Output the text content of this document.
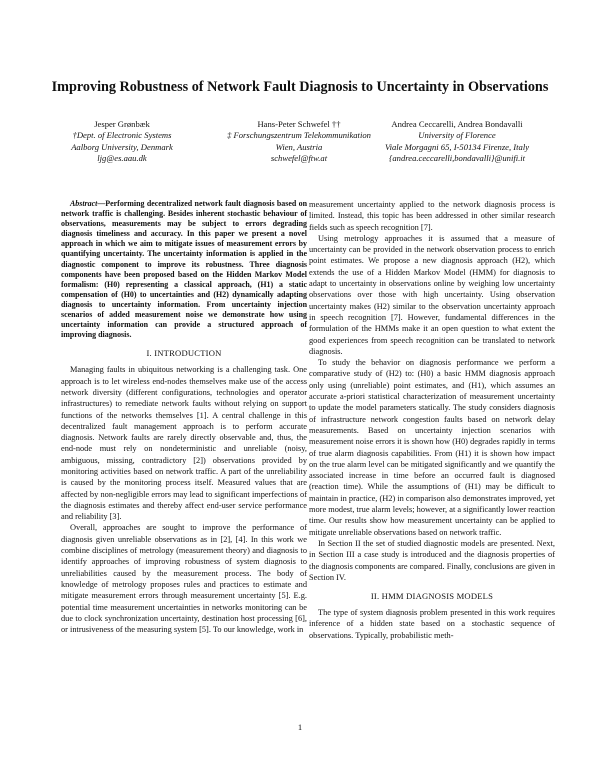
Improving Robustness of Network Fault Diagnosis to Uncertainty in Observations
Jesper Grønbæk
†Dept. of Electronic Systems
Aalborg University, Denmark
ljg@es.aau.dk
Hans-Peter Schwefel ††
‡ Forschungszentrum Telekommunikation
Wien, Austria
schwefel@ftw.at
Andrea Ceccarelli, Andrea Bondavalli
University of Florence
Viale Morgagni 65, I-50134 Firenze, Italy
{andrea.ceccarelli,bondavalli}@unifi.it

Abstract—Performing decentralized network fault diagnosis based on network traffic is challenging. Besides inherent stochastic behaviour of observations, measurements may be subject to errors degrading diagnosis timeliness and accuracy. In this paper we present a novel approach in which we aim to mitigate issues of measurement errors by quantifying uncertainty. The uncertainty information is applied in the diagnostic component to improve its robustness. Three diagnosis components have been proposed based on the Hidden Markov Model formalism: (H0) representing a classical approach, (H1) a static compensation of (H0) to uncertainties and (H2) dynamically adapting diagnosis to uncertainty information. From uncertainty injection scenarios of added measurement noise we demonstrate how using uncertainty information can provide a structured approach of improving diagnosis.

I. INTRODUCTION

Managing faults in ubiquitous networking is a challenging task. One approach is to let wireless end-nodes themselves make use of the access network diversity (different configurations, technologies and operator infrastructures) to remediate network faults without relying on support functions of the networks themselves [1]. A central challenge in this decentralized fault management approach is to perform accurate diagnosis. Network faults are rarely directly observable and, thus, the end-node must rely on nondeterministic and unreliable (noisy, ambiguous, missing, contradictory [2]) observations provided by monitoring activities based on network traffic. A part of the unreliability is caused by the monitoring process itself. Measured values that are affected by non-negligible errors may lead to significant imperfections of the diagnosis estimates and thereby affect end-user service performance and reliability [3].

Overall, approaches are sought to improve the performance of diagnosis given unreliable observations as in [2], [4]. In this work we combine disciplines of metrology (measurement theory) and diagnosis to identify approaches of improving robustness of system diagnosis to unreliabilities caused by the measurement process. The body of knowledge of metrology proposes rules and practices to estimate and mitigate measurement errors through measurement uncertainty [5]. E.g. potential time measurement uncertainties in networks monitoring can be due to clock synchronization uncertainty, destination host processing [6], or intrusiveness of the measuring system [5]. To our knowledge, work in

measurement uncertainty applied to the network diagnosis process is limited. Instead, this topic has been addressed in other similar research fields such as speech recognition [7].

Using metrology approaches it is assumed that a measure of uncertainty can be provided in the network observation process to enrich point estimates. We propose a new diagnosis approach (H2), which extends the use of a Hidden Markov Model (HMM) for diagnosis to adapt to uncertainty in observations online by weighing low uncertainty observations over those with high uncertainty. Using observation uncertainty makes (H2) similar to the observation uncertainty approach in speech recognition [7]. However, fundamental differences in the formulation of the HMMs make it an open question to what extent the good experiences from speech recognition can be translated to network diagnosis.

To study the behavior on diagnosis performance we perform a comparative study of (H2) to: (H0) a basic HMM diagnosis approach only using (unreliable) point estimates, and (H1), which assumes an accurate a-priori statistical characterization of measurement uncertainty to update the model parameters statically. The study considers diagnosis of infrastructure network congestion faults based on network delay measurements. Based on uncertainty injection scenarios with measurement noise errors it is shown how (H0) degrades rapidly in terms of true alarm diagnosis capabilities. From (H1) it is shown how impact on the true alarm level can be mitigated significantly and we quantify the associated increase in time before an occurred fault is diagnosed (reaction time). While the assumptions of (H1) may be difficult to maintain in practice, (H2) in comparison also demonstrates improved, yet more modest, true alarm levels; however, at a significantly lower reaction time. Our results show how measurement uncertainty can be applied to mitigate unreliable observations based on network traffic.

In Section II the set of studied diagnostic models are presented. Next, in Section III a case study is introduced and the diagnosis properties of the diagnosis components are compared. Finally, conclusions are given in Section IV.

II. HMM DIAGNOSIS MODELS

The type of system diagnosis problem presented in this work requires inference of a hidden state based on a stochastic sequence of observations. Typically, probabilistic meth-

1
